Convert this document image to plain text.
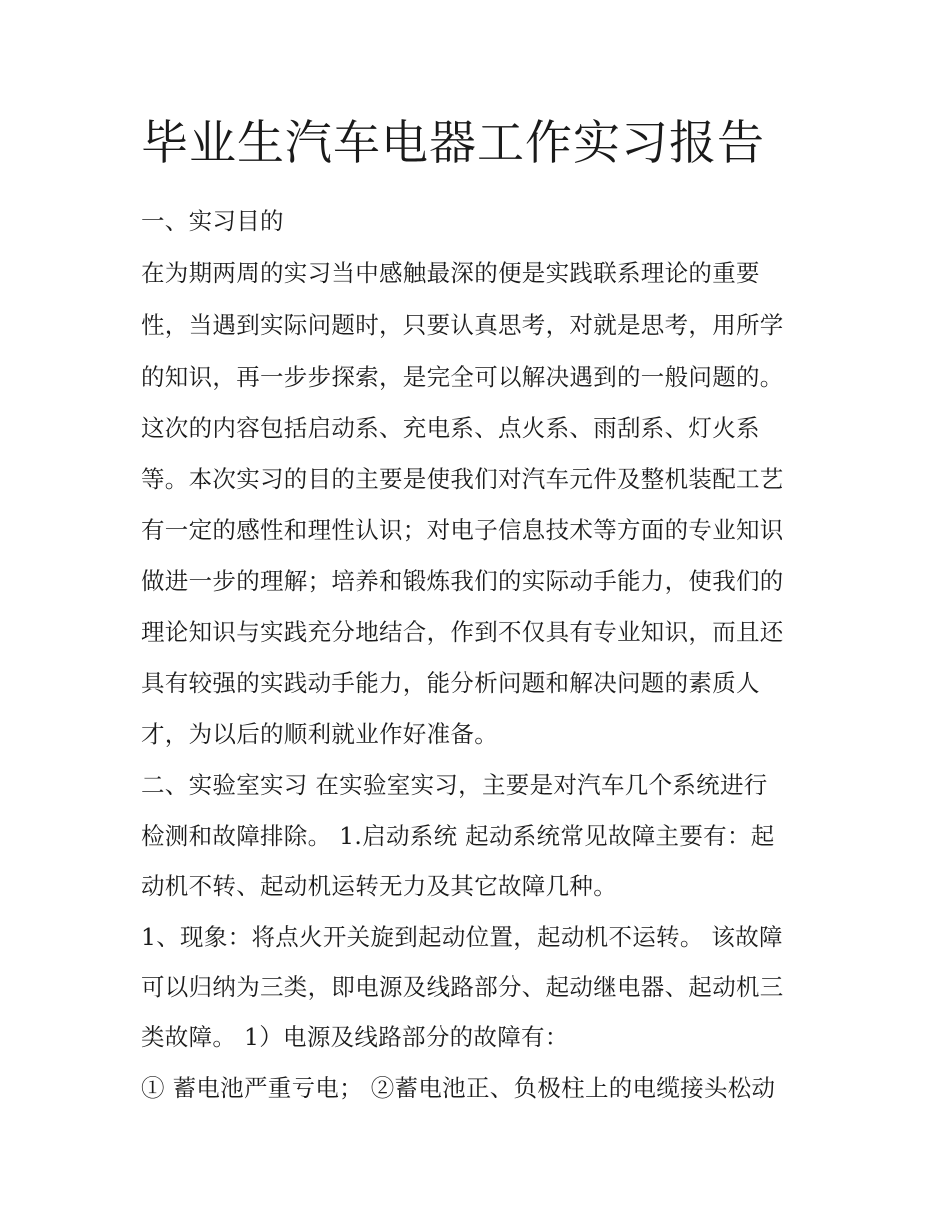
毕业生汽车电器工作实习报告

一、实习目的

在为期两周的实习当中感触最深的便是实践联系理论的重要

性，当遇到实际问题时，只要认真思考，对就是思考，用所学

的知识，再一步步探索，是完全可以解决遇到的一般问题的。

这次的内容包括启动系、充电系、点火系、雨刮系、灯火系

等。本次实习的目的主要是使我们对汽车元件及整机装配工艺

有一定的感性和理性认识；对电子信息技术等方面的专业知识

做进一步的理解；培养和锻炼我们的实际动手能力，使我们的

理论知识与实践充分地结合，作到不仅具有专业知识，而且还

具有较强的实践动手能力，能分析问题和解决问题的素质人

才，为以后的顺利就业作好准备。

二、实验室实习 在实验室实习，主要是对汽车几个系统进行

检测和故障排除。 1.启动系统 起动系统常见故障主要有：起

动机不转、起动机运转无力及其它故障几种。

1、现象：将点火开关旋到起动位置，起动机不运转。 该故障

可以归纳为三类，即电源及线路部分、起动继电器、起动机三

类故障。 1）电源及线路部分的故障有：

① 蓄电池严重亏电； ②蓄电池正、负极柱上的电缆接头松动
